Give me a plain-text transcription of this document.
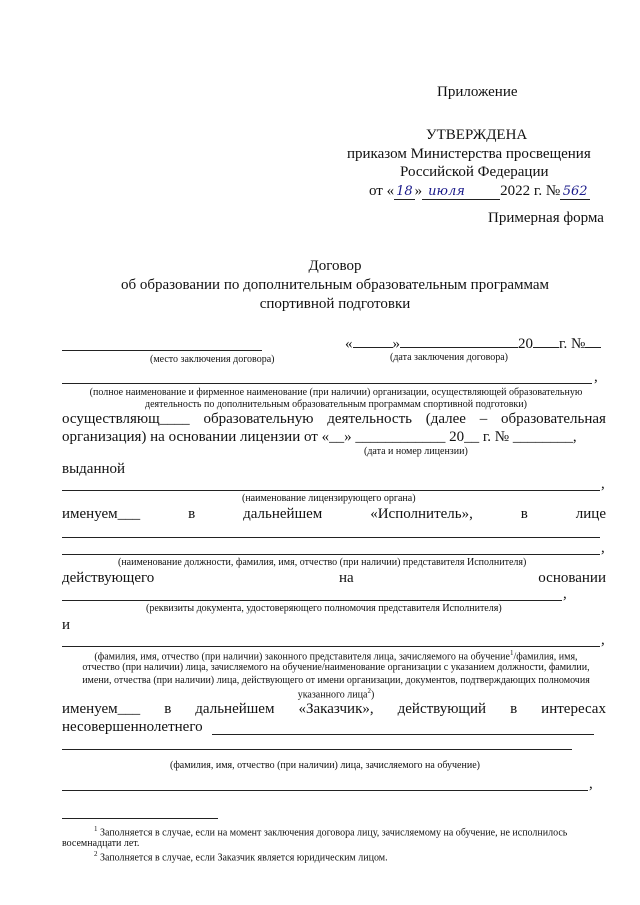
Приложение
УТВЕРЖДЕНА
приказом Министерства просвещения
Российской Федерации
от « 18 » июля 2022 г. № 562
Примерная форма
Договор
об образовании по дополнительным образовательным программам
спортивной подготовки
«	»	20 г. №
(место заключения договора)	(дата заключения договора)
,
(полное наименование и фирменное наименование (при наличии) организации, осуществляющей образовательную
деятельность по дополнительным образовательным программам спортивной подготовки)
осуществляющ____ образовательную деятельность (далее – образовательная
организация) на основании лицензии от «__» ____________ 20__ г. № ________,
(дата и номер лицензии)
выданной
,
(наименование лицензирующего органа)
именуем___	в	дальнейшем	«Исполнитель»,	в	лице
,
(наименование должности, фамилия, имя, отчество (при наличии) представителя Исполнителя)
действующего	на	основании
,
(реквизиты документа, удостоверяющего полномочия представителя Исполнителя)
и
,
(фамилия, имя, отчество (при наличии) законного представителя лица, зачисляемого на обучение$^1$/фамилия, имя,
отчество (при наличии) лица, зачисляемого на обучение/наименование организации с указанием должности, фамилии,
имени, отчества (при наличии) лица, действующего от имени организации, документов, подтверждающих полномочия
указанного лица$^2$)
именуем___ в дальнейшем «Заказчик», действующий в интересах
несовершеннолетнего
(фамилия, имя, отчество (при наличии) лица, зачисляемого на обучение)
,
$^1$ Заполняется в случае, если на момент заключения договора лицу, зачисляемому на обучение, не исполнилось
восемнадцати лет.
$^2$ Заполняется в случае, если Заказчик является юридическим лицом.
